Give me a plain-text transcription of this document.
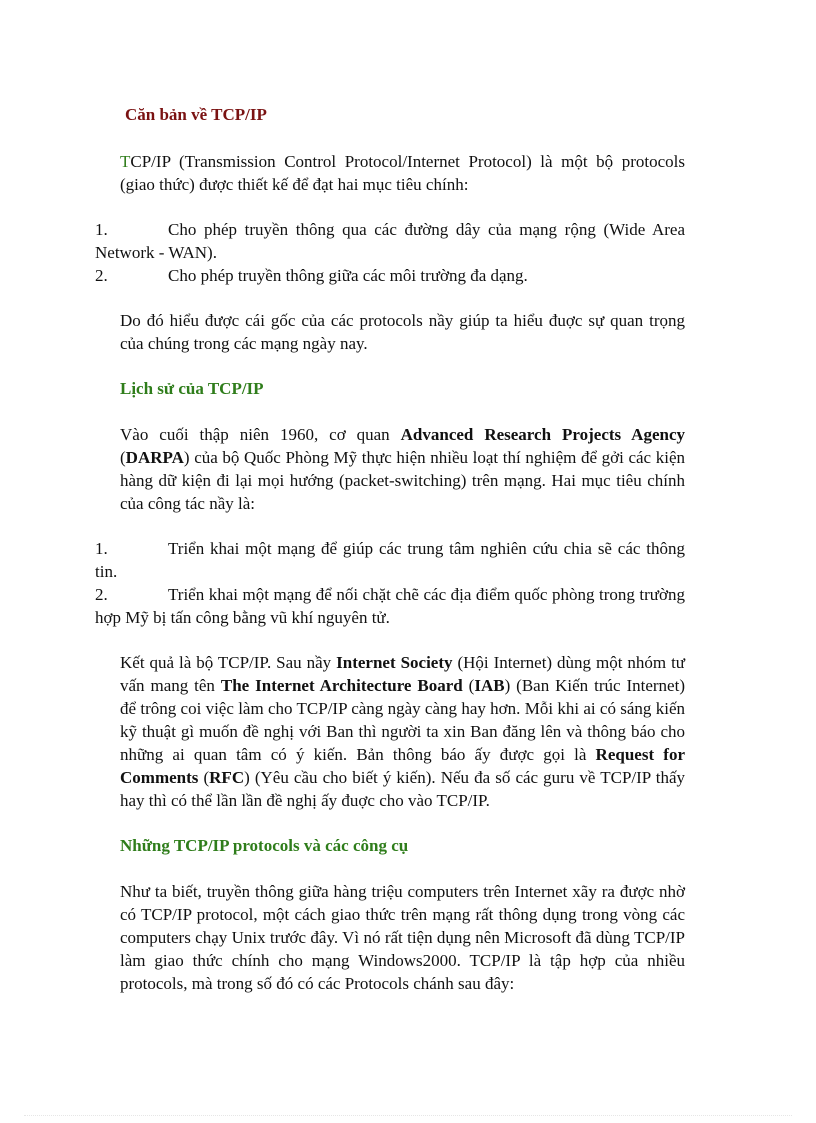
Căn bản về TCP/IP

TCP/IP (Transmission Control Protocol/Internet Protocol) là một bộ protocols (giao thức) được thiết kế để đạt hai mục tiêu chính:

1.	Cho phép truyền thông qua các đường dây của mạng rộng (Wide Area Network - WAN).
2.	Cho phép truyền thông giữa các môi trường đa dạng.

Do đó hiểu được cái gốc của các protocols nầy giúp ta hiểu đuợc sự quan trọng của chúng trong các mạng ngày nay.

Lịch sử của TCP/IP

Vào cuối thập niên 1960, cơ quan Advanced Research Projects Agency (DARPA) của bộ Quốc Phòng Mỹ thực hiện nhiều loạt thí nghiệm để gởi các kiện hàng dữ kiện đi lại mọi hướng (packet-switching) trên mạng. Hai mục tiêu chính của công tác nầy là:

1.	Triển khai một mạng để giúp các trung tâm nghiên cứu chia sẽ các thông tin.
2.	Triển khai một mạng để nối chặt chẽ các địa điểm quốc phòng trong trường hợp Mỹ bị tấn công bằng vũ khí nguyên tử.

Kết quả là bộ TCP/IP. Sau nầy Internet Society (Hội Internet) dùng một nhóm tư vấn mang tên The Internet Architecture Board (IAB) (Ban Kiến trúc Internet) để trông coi việc làm cho TCP/IP càng ngày càng hay hơn. Mỗi khi ai có sáng kiến kỹ thuật gì muốn đề nghị với Ban thì người ta xin Ban đăng lên và thông báo cho những ai quan tâm có ý kiến. Bản thông báo ấy được gọi là Request for Comments (RFC) (Yêu cầu cho biết ý kiến). Nếu đa số các guru về TCP/IP thấy hay thì có thể lần lần đề nghị ấy đuợc cho vào TCP/IP.

Những TCP/IP protocols và các công cụ

Như ta biết, truyền thông giữa hàng triệu computers trên Internet xãy ra được nhờ có TCP/IP protocol, một cách giao thức trên mạng rất thông dụng trong vòng các computers chạy Unix trước đây. Vì nó rất tiện dụng nên Microsoft đã dùng TCP/IP làm giao thức chính cho mạng Windows2000. TCP/IP là tập hợp của nhiều protocols, mà trong số đó có các Protocols chánh sau đây:
